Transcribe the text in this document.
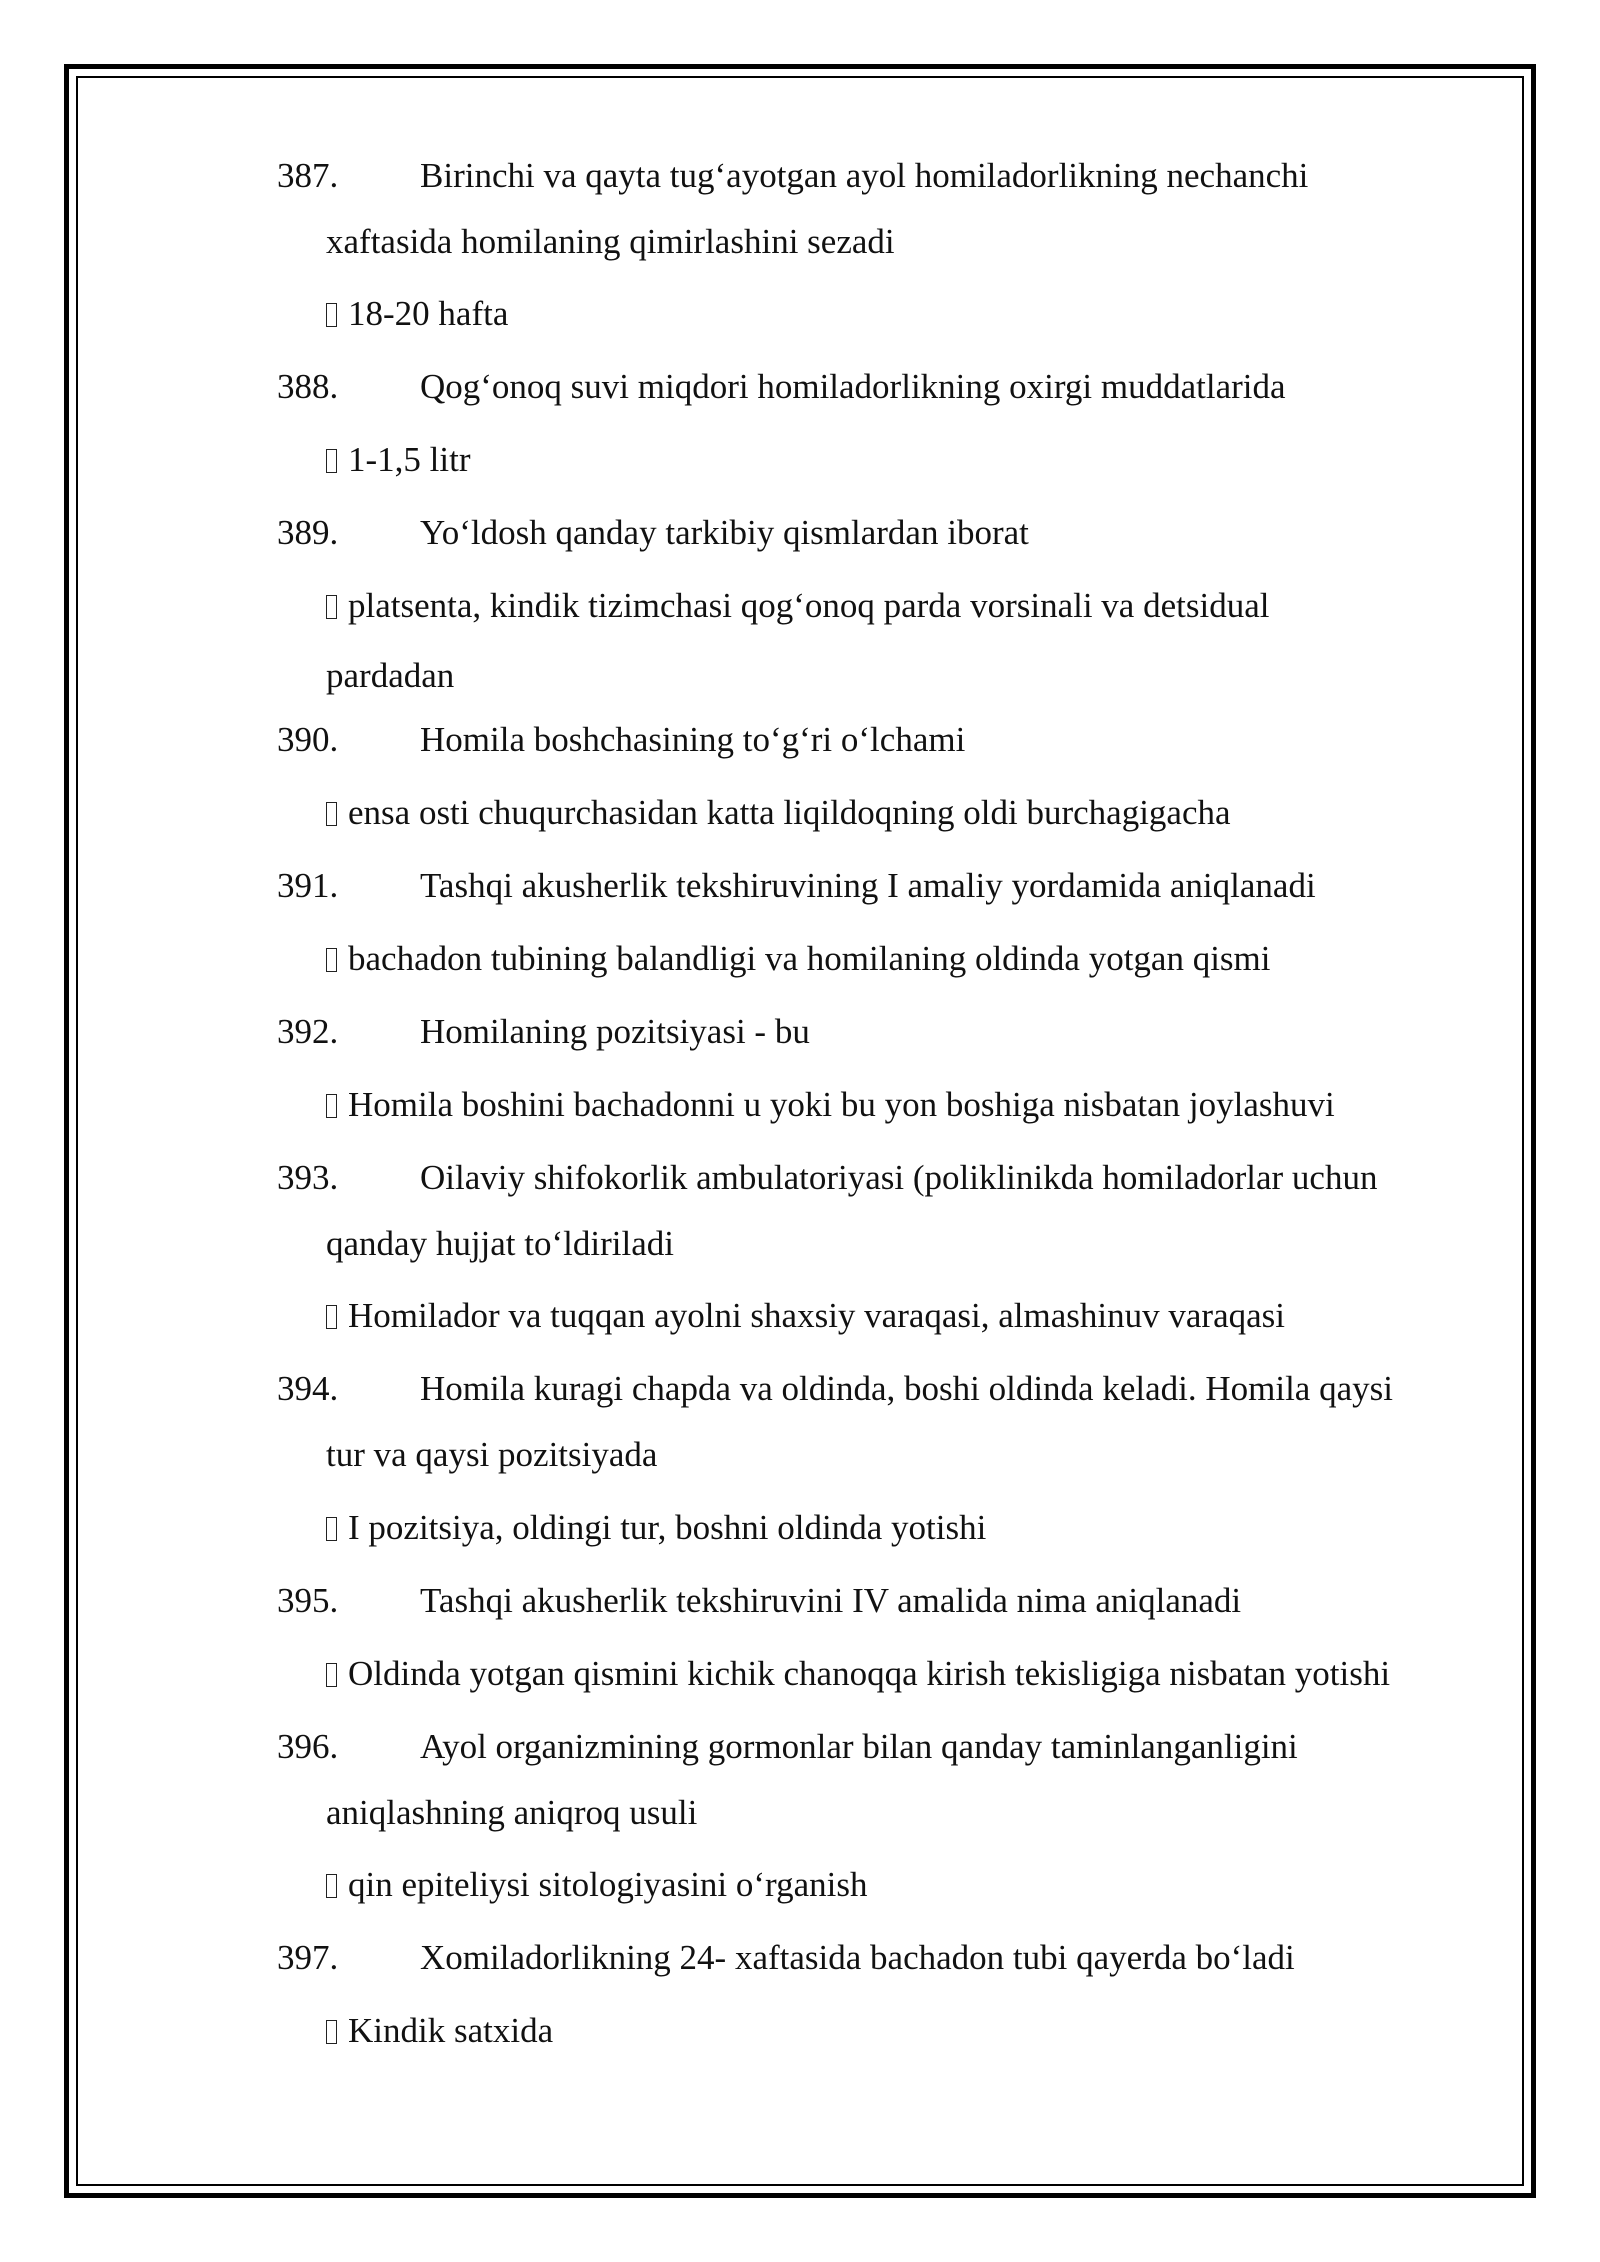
387. Birinchi va qayta tug‘ayotgan ayol homiladorlikning nechanchi
xaftasida homilaning qimirlashini sezadi
18-20 hafta
388. Qog‘onoq suvi miqdori homiladorlikning oxirgi muddatlarida
1-1,5 litr
389. Yo‘ldosh qanday tarkibiy qismlardan iborat
platsenta, kindik tizimchasi qog‘onoq parda vorsinali va detsidual
pardadan
390. Homila boshchasining to‘g‘ri o‘lchami
ensa osti chuqurchasidan katta liqildoqning oldi burchagigacha
391. Tashqi akusherlik tekshiruvining I amaliy yordamida aniqlanadi
bachadon tubining balandligi va homilaning oldinda yotgan qismi
392. Homilaning pozitsiyasi - bu
Homila boshini bachadonni u yoki bu yon boshiga nisbatan joylashuvi
393. Oilaviy shifokorlik ambulatoriyasi (poliklinikda homiladorlar uchun
qanday hujjat to‘ldiriladi
Homilador va tuqqan ayolni shaxsiy varaqasi, almashinuv varaqasi
394. Homila kuragi chapda va oldinda, boshi oldinda keladi. Homila qaysi
tur va qaysi pozitsiyada
I pozitsiya, oldingi tur, boshni oldinda yotishi
395. Tashqi akusherlik tekshiruvini IV amalida nima aniqlanadi
Oldinda yotgan qismini kichik chanoqqa kirish tekisligiga nisbatan yotishi
396. Ayol organizmining gormonlar bilan qanday taminlanganligini
aniqlashning aniqroq usuli
qin epiteliysi sitologiyasini o‘rganish
397. Xomiladorlikning 24- xaftasida bachadon tubi qayerda bo‘ladi
Kindik satxida
